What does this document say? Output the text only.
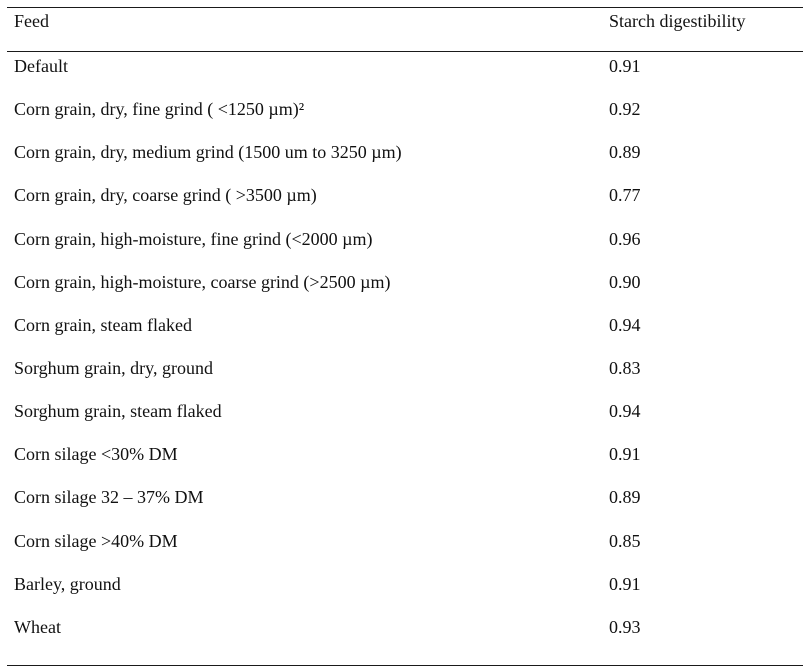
Feed	Starch digestibility
Default	0.91
Corn grain, dry, fine grind ( <1250 µm)²	0.92
Corn grain, dry, medium grind (1500 um to 3250 µm)	0.89
Corn grain, dry, coarse grind ( >3500 µm)	0.77
Corn grain, high-moisture, fine grind (<2000 µm)	0.96
Corn grain, high-moisture, coarse grind (>2500 µm)	0.90
Corn grain, steam flaked	0.94
Sorghum grain, dry, ground	0.83
Sorghum grain, steam flaked	0.94
Corn silage <30% DM	0.91
Corn silage 32 – 37% DM	0.89
Corn silage >40% DM	0.85
Barley, ground	0.91
Wheat	0.93
